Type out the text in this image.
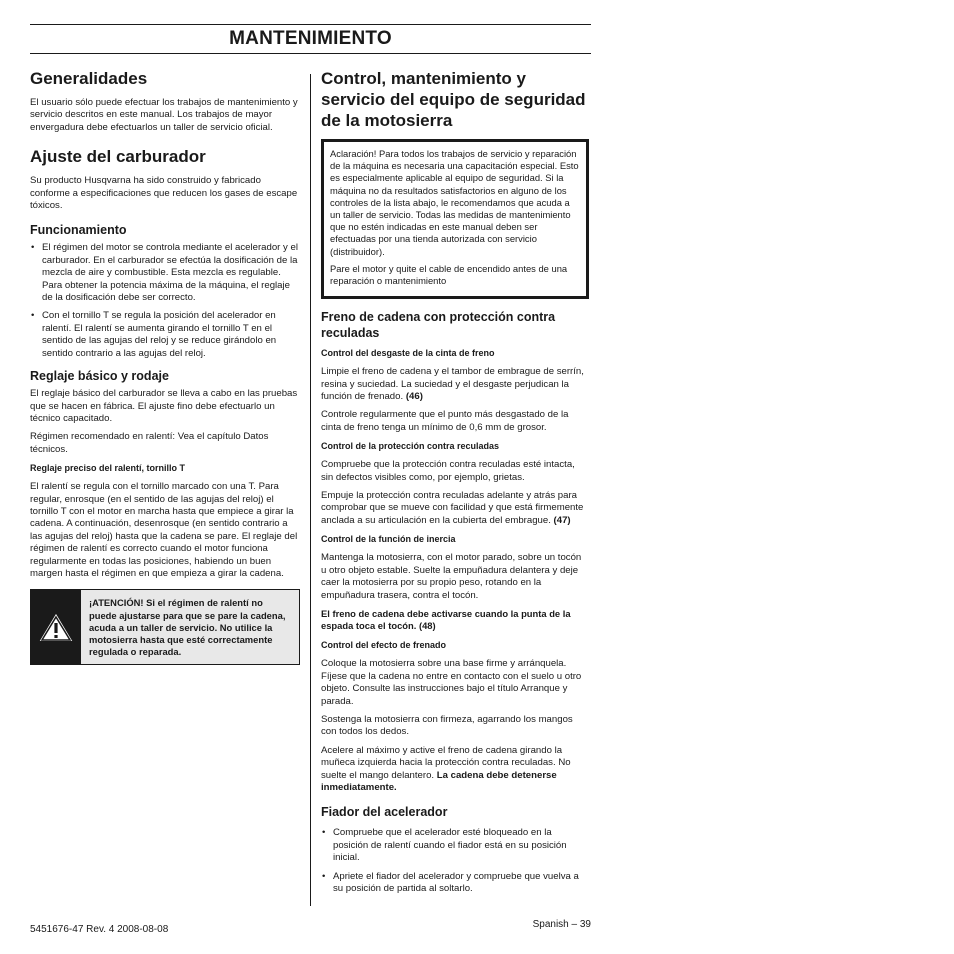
MANTENIMIENTO
Generalidades

El usuario sólo puede efectuar los trabajos de mantenimiento y servicio descritos en este manual. Los trabajos de mayor envergadura debe efectuarlos un taller de servicio oficial.

Ajuste del carburador

Su producto Husqvarna ha sido construido y fabricado conforme a especificaciones que reducen los gases de escape tóxicos.

Funcionamiento
• El régimen del motor se controla mediante el acelerador y el carburador. En el carburador se efectúa la dosificación de la mezcla de aire y combustible. Esta mezcla es regulable. Para obtener la potencia máxima de la máquina, el reglaje de la dosificación debe ser correcto.
• Con el tornillo T se regula la posición del acelerador en ralentí. El ralentí se aumenta girando el tornillo T en el sentido de las agujas del reloj y se reduce girándolo en sentido contrario a las agujas del reloj.
Reglaje básico y rodaje

El reglaje básico del carburador se lleva a cabo en las pruebas que se hacen en fábrica. El ajuste fino debe efectuarlo un técnico capacitado.

Régimen recomendado en ralentí: Vea el capítulo Datos técnicos.

Reglaje preciso del ralentí, tornillo T

El ralentí se regula con el tornillo marcado con una T. Para regular, enrosque (en el sentido de las agujas del reloj) el tornillo T con el motor en marcha hasta que empiece a girar la cadena. A continuación, desenrosque (en sentido contrario a las agujas del reloj) hasta que la cadena se pare. El reglaje del régimen de ralentí es correcto cuando el motor funciona regularmente en todas las posiciones, habiendo un buen margen hasta el régimen en que empieza a girar la cadena.

¡ATENCIÓN! Si el régimen de ralentí no puede ajustarse para que se pare la cadena, acuda a un taller de servicio. No utilice la motosierra hasta que esté correctamente regulada o reparada.
Control, mantenimiento y servicio del equipo de seguridad de la motosierra

Aclaración! Para todos los trabajos de servicio y reparación de la máquina es necesaria una capacitación especial. Esto es especialmente aplicable al equipo de seguridad. Si la máquina no da resultados satisfactorios en alguno de los controles de la lista abajo, le recomendamos que acuda a un taller de servicio. Todas las medidas de mantenimiento que no estén indicadas en este manual deben ser efectuadas por una tienda autorizada con servicio (distribuidor).

Pare el motor y quite el cable de encendido antes de una reparación o mantenimiento

Freno de cadena con protección contra reculadas
Control del desgaste de la cinta de freno

Limpie el freno de cadena y el tambor de embrague de serrín, resina y suciedad. La suciedad y el desgaste perjudican la función de frenado. (46)

Controle regularmente que el punto más desgastado de la cinta de freno tenga un mínimo de 0,6 mm de grosor.

Control de la protección contra reculadas

Compruebe que la protección contra reculadas esté intacta, sin defectos visibles como, por ejemplo, grietas.

Empuje la protección contra reculadas adelante y atrás para comprobar que se mueve con facilidad y que está firmemente anclada a su articulación en la cubierta del embrague. (47)

Control de la función de inercia

Mantenga la motosierra, con el motor parado, sobre un tocón u otro objeto estable. Suelte la empuñadura delantera y deje caer la motosierra por su propio peso, rotando en la empuñadura trasera, contra el tocón.

El freno de cadena debe activarse cuando la punta de la espada toca el tocón. (48)
Control del efecto de frenado

Coloque la motosierra sobre una base firme y arránquela. Fíjese que la cadena no entre en contacto con el suelo u otro objeto. Consulte las instrucciones bajo el título Arranque y parada.

Sostenga la motosierra con firmeza, agarrando los mangos con todos los dedos.

Acelere al máximo y active el freno de cadena girando la muñeca izquierda hacia la protección contra reculadas. No suelte el mango delantero. La cadena debe detenerse inmediatamente.

Fiador del acelerador
• Compruebe que el acelerador esté bloqueado en la posición de ralentí cuando el fiador está en su posición inicial.
• Apriete el fiador del acelerador y compruebe que vuelva a su posición de partida al soltarlo.
5451676-47 Rev. 4 2008-08-08	Spanish – 39
